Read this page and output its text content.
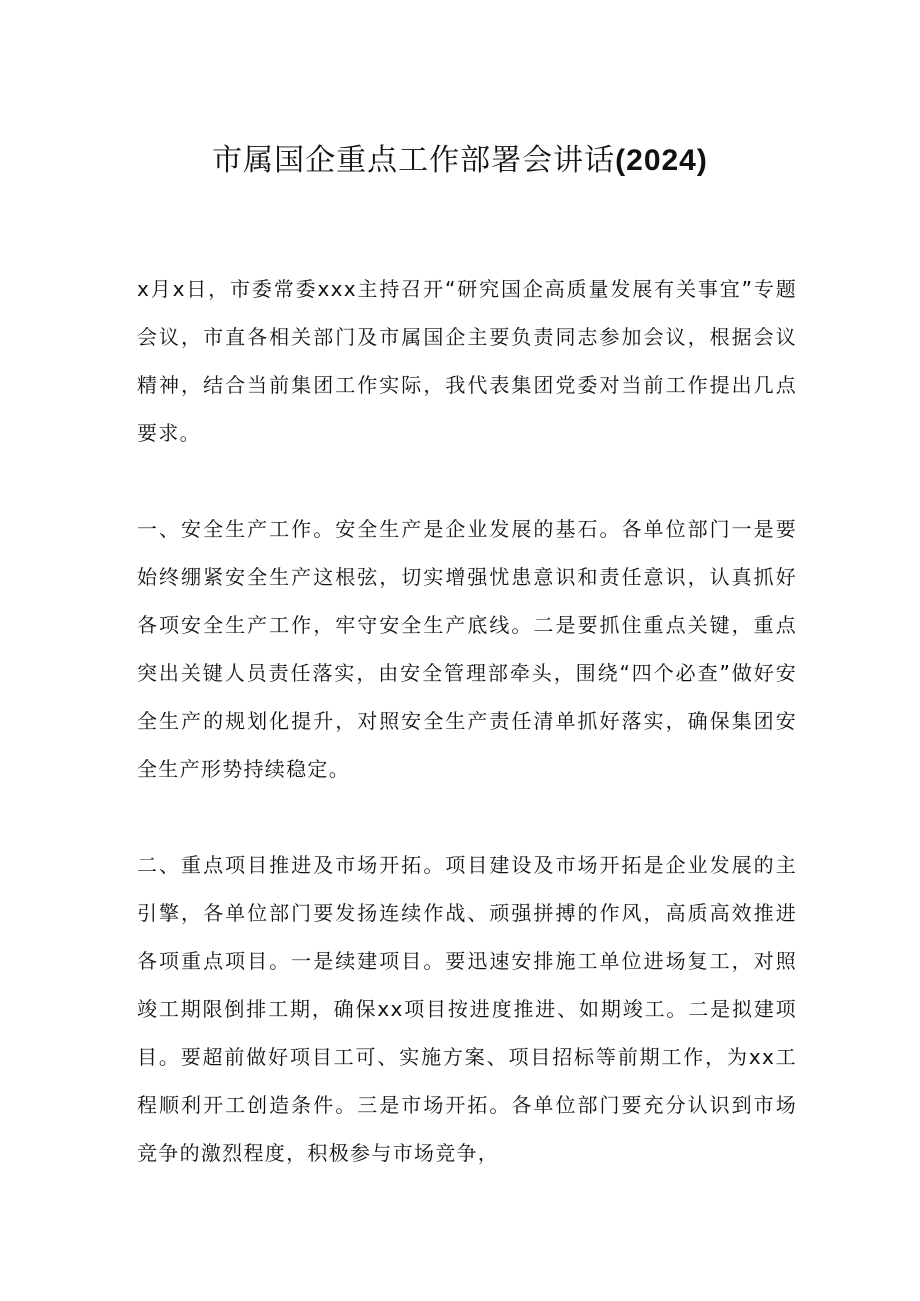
市属国企重点工作部署会讲话(2024)

x月x日，市委常委xxx主持召开“研究国企高质量发展有关事宜”专题会议，市直各相关部门及市属国企主要负责同志参加会议，根据会议精神，结合当前集团工作实际，我代表集团党委对当前工作提出几点要求。

一、安全生产工作。安全生产是企业发展的基石。各单位部门一是要始终绷紧安全生产这根弦，切实增强忧患意识和责任意识，认真抓好各项安全生产工作，牢守安全生产底线。二是要抓住重点关键，重点突出关键人员责任落实，由安全管理部牵头，围绕“四个必查”做好安全生产的规划化提升，对照安全生产责任清单抓好落实，确保集团安全生产形势持续稳定。

二、重点项目推进及市场开拓。项目建设及市场开拓是企业发展的主引擎，各单位部门要发扬连续作战、顽强拼搏的作风，高质高效推进各项重点项目。一是续建项目。要迅速安排施工单位进场复工，对照竣工期限倒排工期，确保xx项目按进度推进、如期竣工。二是拟建项目。要超前做好项目工可、实施方案、项目招标等前期工作，为xx工程顺利开工创造条件。三是市场开拓。各单位部门要充分认识到市场竞争的激烈程度，积极参与市场竞争，
